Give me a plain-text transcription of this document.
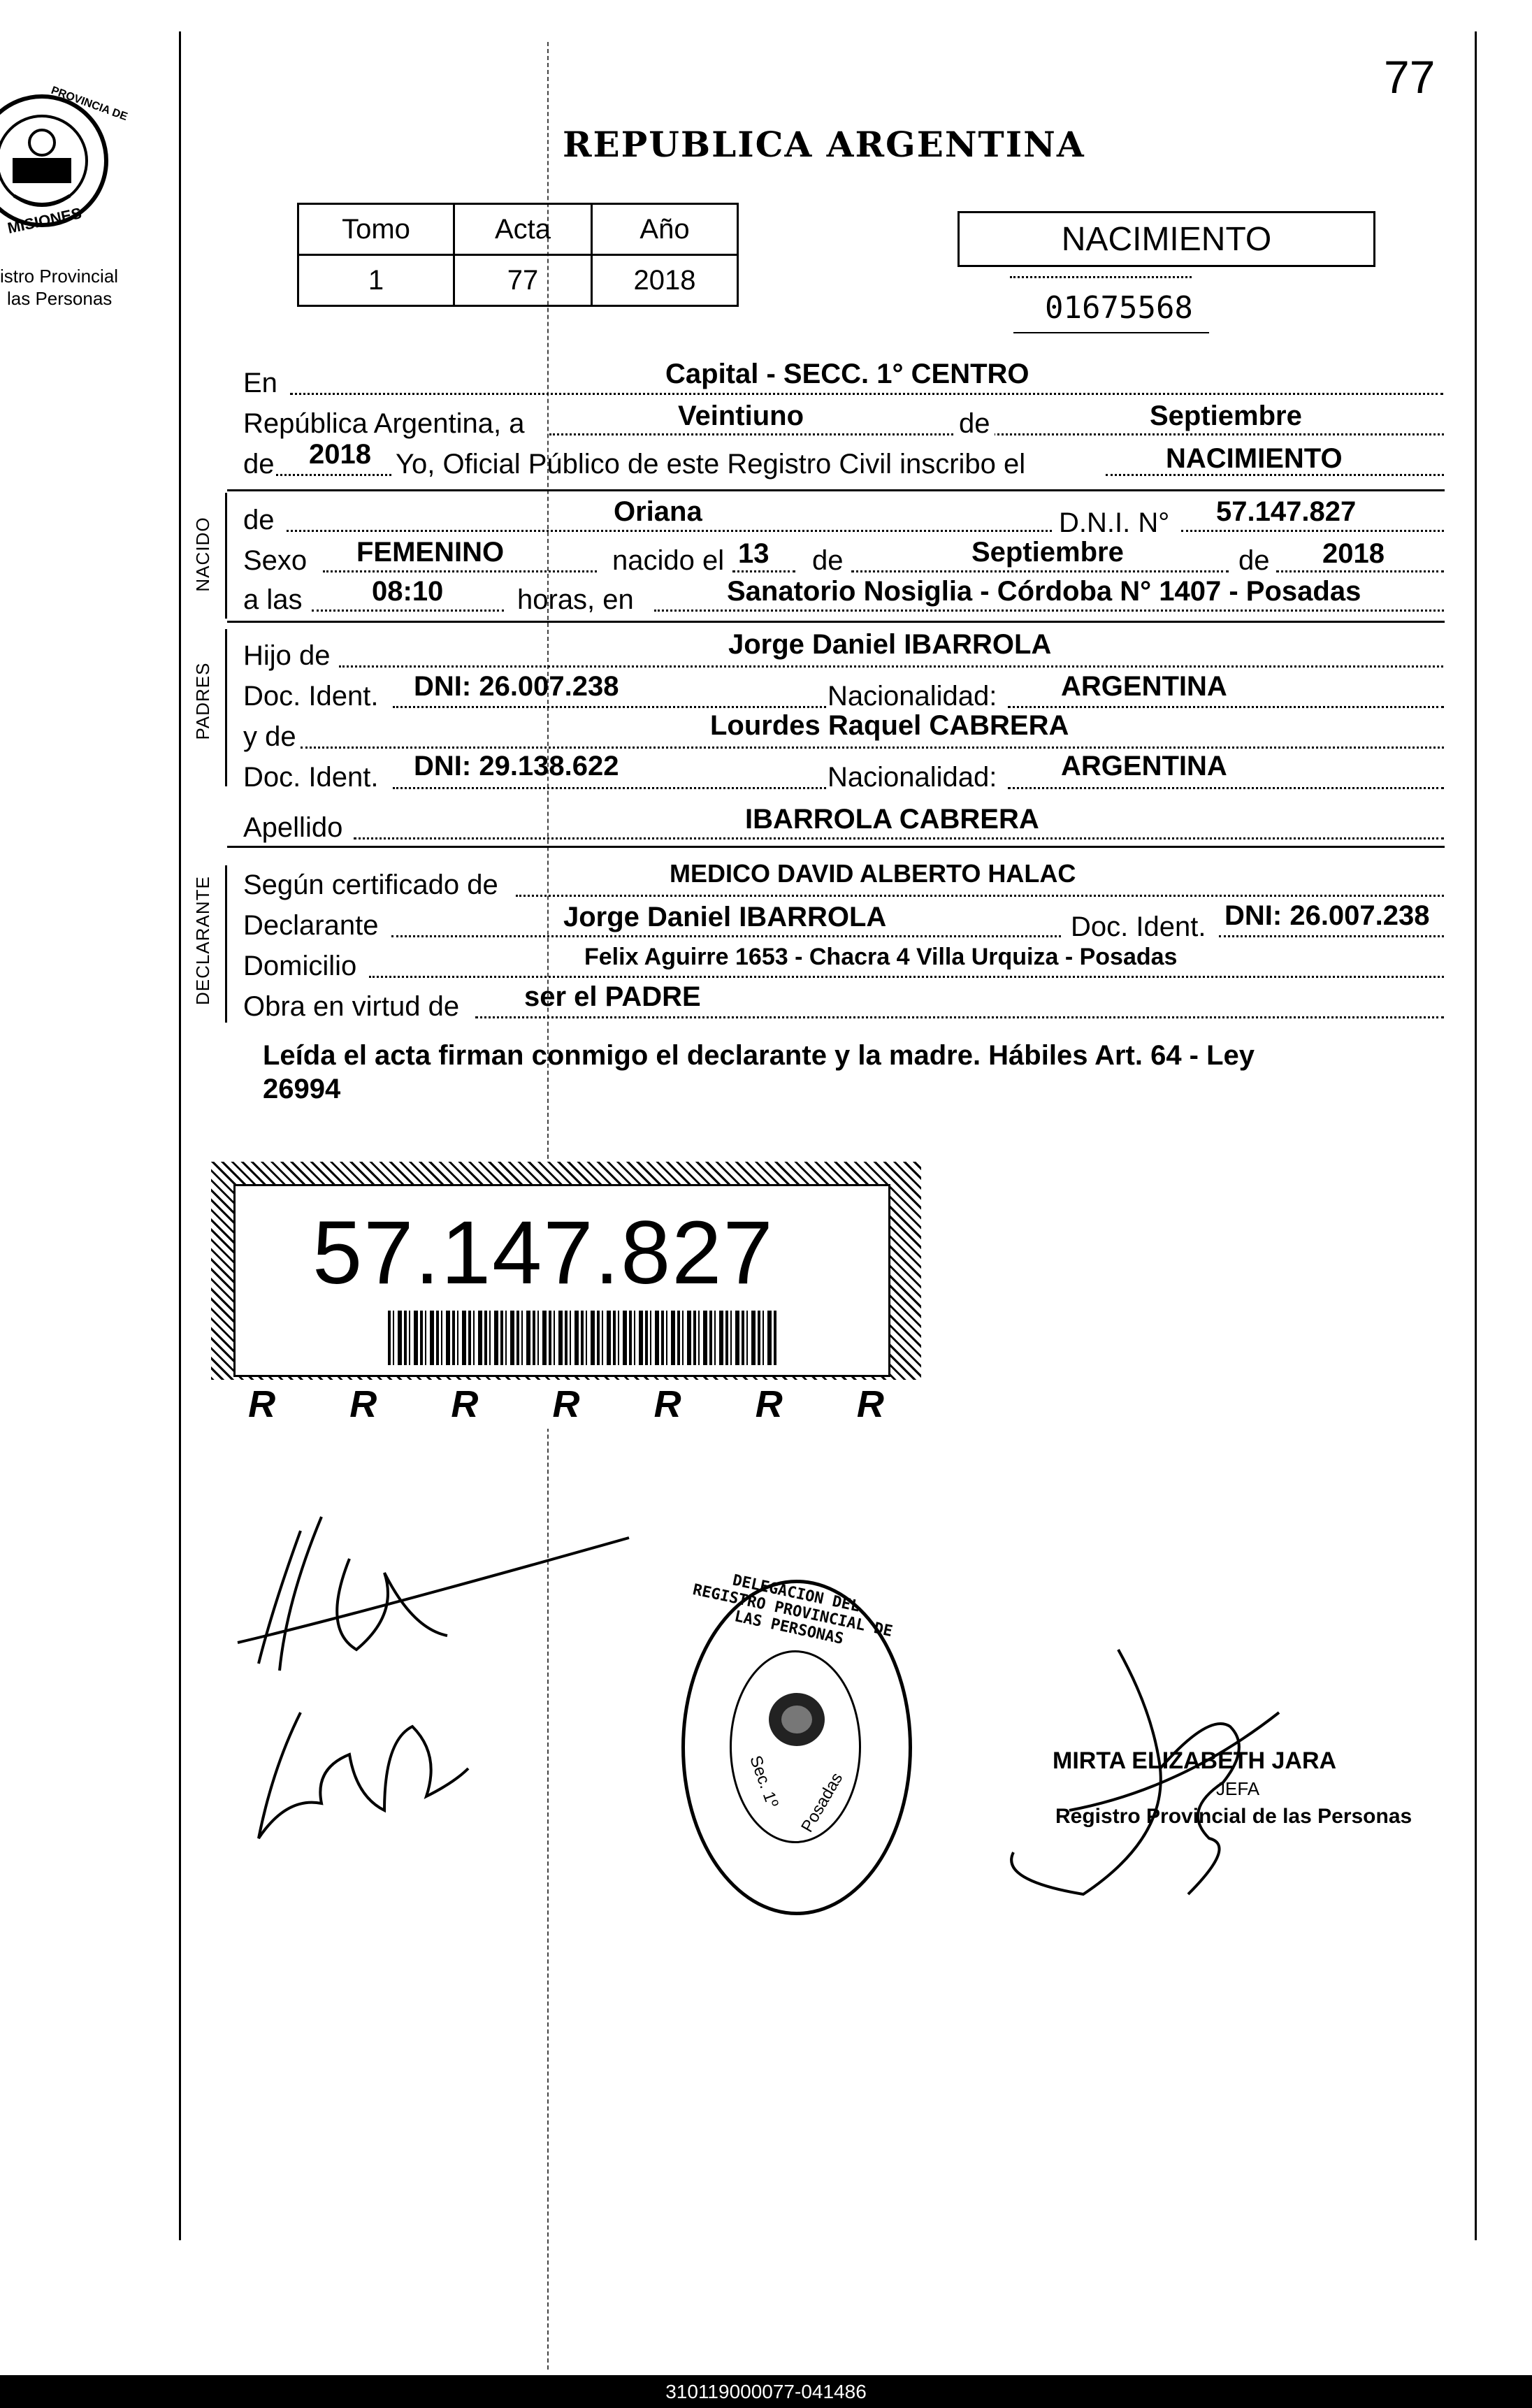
77
PROVINCIA DE
MISIONES
istro Provincial
las Personas
REPUBLICA ARGENTINA
Tomo	Acta	Año
1	77	2018
NACIMIENTO
01675568
En	Capital - SECC. 1° CENTRO
República Argentina, a	Veintiuno	de	Septiembre
de 2018 Yo, Oficial Público de este Registro Civil inscribo el	NACIMIENTO
NACIDO de	Oriana	D.N.I. N° 57.147.827
Sexo FEMENINO	nacido el 13 de	Septiembre	de 2018
a las 08:10	horas, en	Sanatorio Nosiglia - Córdoba N° 1407 - Posadas
PADRES
Hijo de	Jorge Daniel IBARROLA
Doc. Ident. DNI: 26.007.238	Nacionalidad: ARGENTINA
y de	Lourdes Raquel CABRERA
Doc. Ident. DNI: 29.138.622	Nacionalidad: ARGENTINA
Apellido	IBARROLA CABRERA
DECLARANTE Según certificado de	MEDICO DAVID ALBERTO HALAC
Declarante	Jorge Daniel IBARROLA	Doc. Ident. DNI: 26.007.238
Domicilio	Felix Aguirre 1653 - Chacra 4 Villa Urquiza - Posadas
Obra en virtud de ser el PADRE
Leída el acta firman conmigo el declarante y la madre. Hábiles Art. 64 - Ley
26994
57.147.827
R R R R R R R
DELEGACION DEL REGISTRO PROVINCIAL DE LAS PERSONAS
Sec. 1º Posadas
MIRTA ELIZABETH JARA
JEFA
Registro Provincial de las Personas
310119000077-041486
